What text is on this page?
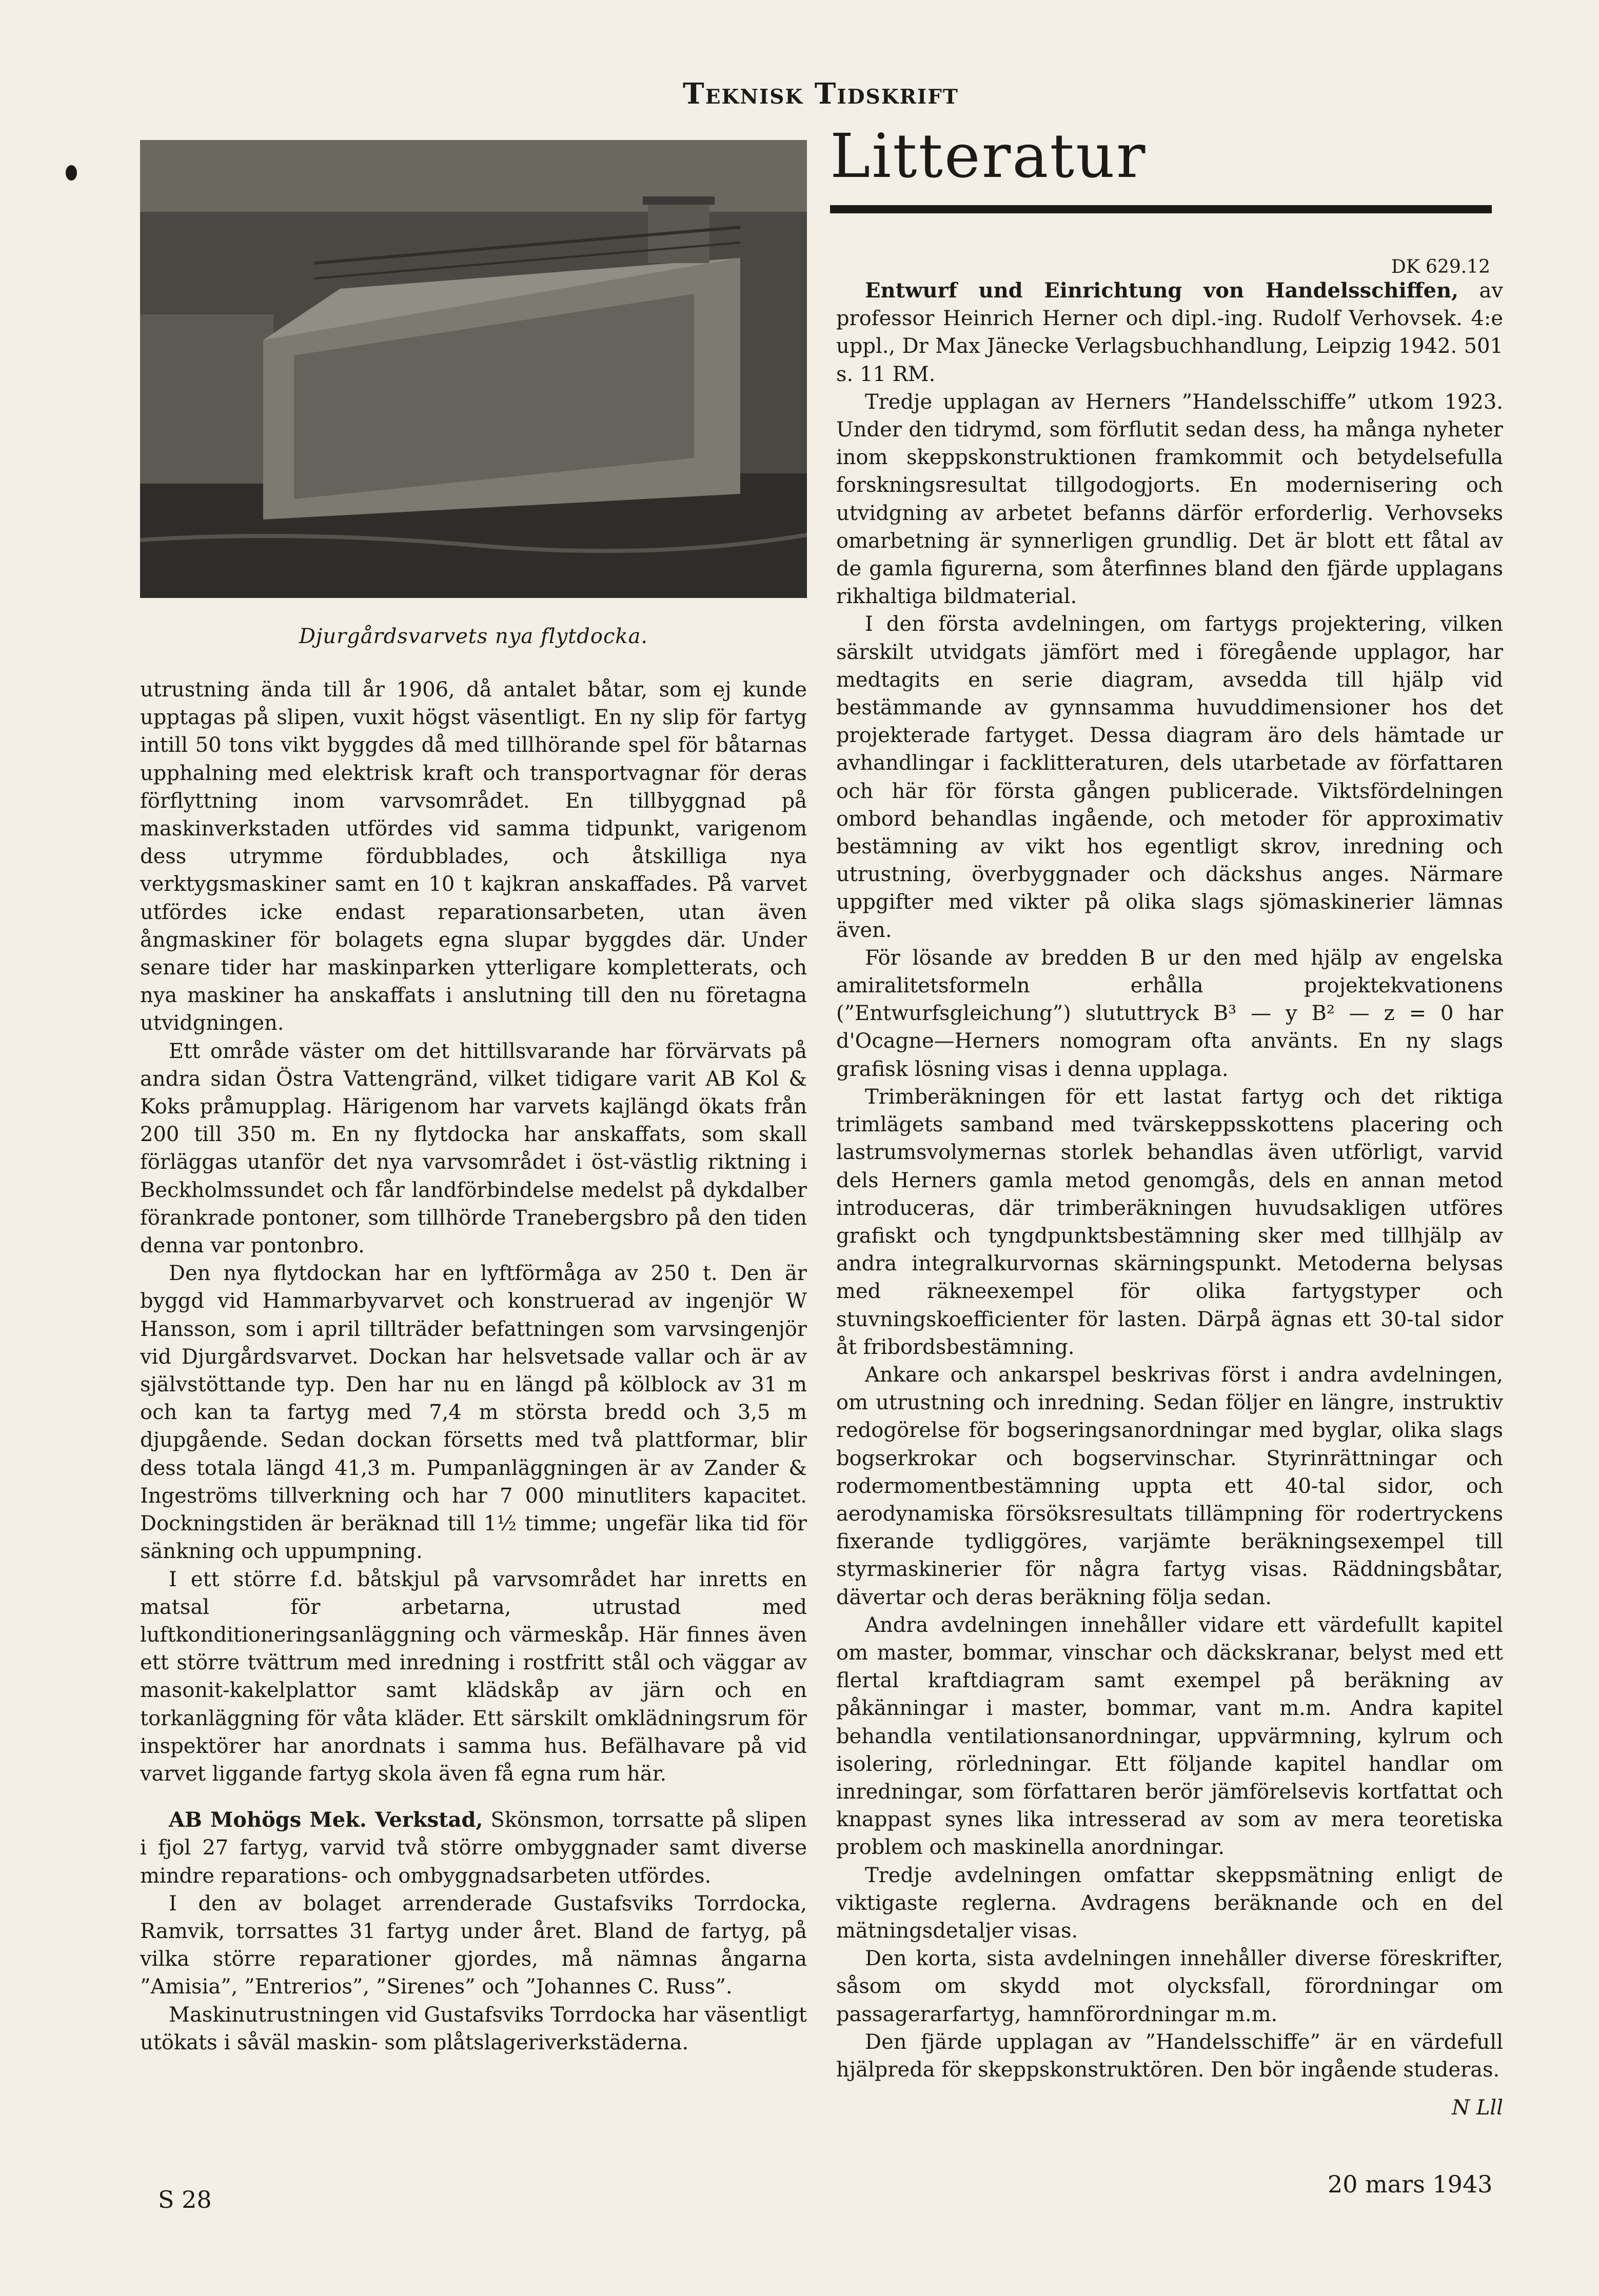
Teknisk Tidskrift
Djurgårdsvarvets nya flytdocka.

utrustning ända till år 1906, då antalet båtar, som ej kunde upptagas på slipen, vuxit högst väsentligt. En ny slip för fartyg intill 50 tons vikt byggdes då med tillhörande spel för båtarnas upphalning med elektrisk kraft och transportvagnar för deras förflyttning inom varvsområdet. En tillbyggnad på maskinverkstaden utfördes vid samma tidpunkt, varigenom dess utrymme fördubblades, och åtskilliga nya verktygsmaskiner samt en 10 t kajkran anskaffades. På varvet utfördes icke endast reparationsarbeten, utan även ångmaskiner för bolagets egna slupar byggdes där. Under senare tider har maskinparken ytterligare kompletterats, och nya maskiner ha anskaffats i anslutning till den nu företagna utvidgningen.

Ett område väster om det hittillsvarande har förvärvats på andra sidan Östra Vattengränd, vilket tidigare varit AB Kol & Koks pråmupplag. Härigenom har varvets kajlängd ökats från 200 till 350 m. En ny flytdocka har anskaffats, som skall förläggas utanför det nya varvsområdet i öst-västlig riktning i Beckholmssundet och får landförbindelse medelst på dykdalber förankrade pontoner, som tillhörde Tranebergsbro på den tiden denna var pontonbro.

Den nya flytdockan har en lyftförmåga av 250 t. Den är byggd vid Hammarbyvarvet och konstruerad av ingenjör W Hansson, som i april tillträder befattningen som varvsingenjör vid Djurgårdsvarvet. Dockan har helsvetsade vallar och är av självstöttande typ. Den har nu en längd på kölblock av 31 m och kan ta fartyg med 7,4 m största bredd och 3,5 m djupgående. Sedan dockan försetts med två plattformar, blir dess totala längd 41,3 m. Pumpanläggningen är av Zander & Ingeströms tillverkning och har 7 000 minutliters kapacitet. Dockningstiden är beräknad till 1½ timme; ungefär lika tid för sänkning och uppumpning.

I ett större f.d. båtskjul på varvsområdet har inretts en matsal för arbetarna, utrustad med luftkonditioneringsanläggning och värmeskåp. Här finnes även ett större tvättrum med inredning i rostfritt stål och väggar av masonit-kakelplattor samt klädskåp av järn och en torkanläggning för våta kläder. Ett särskilt omklädningsrum för inspektörer har anordnats i samma hus. Befälhavare på vid varvet liggande fartyg skola även få egna rum här.

AB Mohögs Mek. Verkstad, Skönsmon, torrsatte på slipen i fjol 27 fartyg, varvid två större ombyggnader samt diverse mindre reparations- och ombyggnadsarbeten utfördes.

I den av bolaget arrenderade Gustafsviks Torrdocka, Ramvik, torrsattes 31 fartyg under året. Bland de fartyg, på vilka större reparationer gjordes, må nämnas ångarna ”Amisia”, ”Entrerios”, ”Sirenes” och ”Johannes C. Russ”.

Maskinutrustningen vid Gustafsviks Torrdocka har väsentligt utökats i såväl maskin- som plåtslageriverkstäderna.

Litteratur
DK 629.12

Entwurf und Einrichtung von Handelsschiffen, av professor Heinrich Herner och dipl.-ing. Rudolf Verhovsek. 4:e uppl., Dr Max Jänecke Verlagsbuchhandlung, Leipzig 1942. 501 s. 11 RM.

Tredje upplagan av Herners ”Handelsschiffe” utkom 1923. Under den tidrymd, som förflutit sedan dess, ha många nyheter inom skeppskonstruktionen framkommit och betydelsefulla forskningsresultat tillgodogjorts. En modernisering och utvidgning av arbetet befanns därför erforderlig. Verhovseks omarbetning är synnerligen grundlig. Det är blott ett fåtal av de gamla figurerna, som återfinnes bland den fjärde upplagans rikhaltiga bildmaterial.

I den första avdelningen, om fartygs projektering, vilken särskilt utvidgats jämfört med i föregående upplagor, har medtagits en serie diagram, avsedda till hjälp vid bestämmande av gynnsamma huvuddimensioner hos det projekterade fartyget. Dessa diagram äro dels hämtade ur avhandlingar i facklitteraturen, dels utarbetade av författaren och här för första gången publicerade. Viktsfördelningen ombord behandlas ingående, och metoder för approximativ bestämning av vikt hos egentligt skrov, inredning och utrustning, överbyggnader och däckshus anges. Närmare uppgifter med vikter på olika slags sjömaskinerier lämnas även.

För lösande av bredden B ur den med hjälp av engelska amiralitetsformeln erhålla projektekvationens (”Entwurfsgleichung”) slututtryck B³ — y B² — z = 0 har d'Ocagne—Herners nomogram ofta använts. En ny slags grafisk lösning visas i denna upplaga.

Trimberäkningen för ett lastat fartyg och det riktiga trimlägets samband med tvärskeppsskottens placering och lastrumsvolymernas storlek behandlas även utförligt, varvid dels Herners gamla metod genomgås, dels en annan metod introduceras, där trimberäkningen huvudsakligen utföres grafiskt och tyngdpunktsbestämning sker med tillhjälp av andra integralkurvornas skärningspunkt. Metoderna belysas med räkneexempel för olika fartygstyper och stuvningskoefficienter för lasten. Därpå ägnas ett 30-tal sidor åt fribordsbestämning.

Ankare och ankarspel beskrivas först i andra avdelningen, om utrustning och inredning. Sedan följer en längre, instruktiv redogörelse för bogseringsanordningar med byglar, olika slags bogserkrokar och bogservinschar. Styrinrättningar och rodermomentbestämning uppta ett 40-tal sidor, och aerodynamiska försöksresultats tillämpning för rodertryckens fixerande tydliggöres, varjämte beräkningsexempel till styrmaskinerier för några fartyg visas. Räddningsbåtar, dävertar och deras beräkning följa sedan.

Andra avdelningen innehåller vidare ett värdefullt kapitel om master, bommar, vinschar och däckskranar, belyst med ett flertal kraftdiagram samt exempel på beräkning av påkänningar i master, bommar, vant m.m. Andra kapitel behandla ventilationsanordningar, uppvärmning, kylrum och isolering, rörledningar. Ett följande kapitel handlar om inredningar, som författaren berör jämförelsevis kortfattat och knappast synes lika intresserad av som av mera teoretiska problem och maskinella anordningar.

Tredje avdelningen omfattar skeppsmätning enligt de viktigaste reglerna. Avdragens beräknande och en del mätningsdetaljer visas.

Den korta, sista avdelningen innehåller diverse föreskrifter, såsom om skydd mot olycksfall, förordningar om passagerarfartyg, hamnförordningar m.m.

Den fjärde upplagan av ”Handelsschiffe” är en värdefull hjälpreda för skeppskonstruktören. Den bör ingående studeras.

N Lll
S 28
20 mars 1943
